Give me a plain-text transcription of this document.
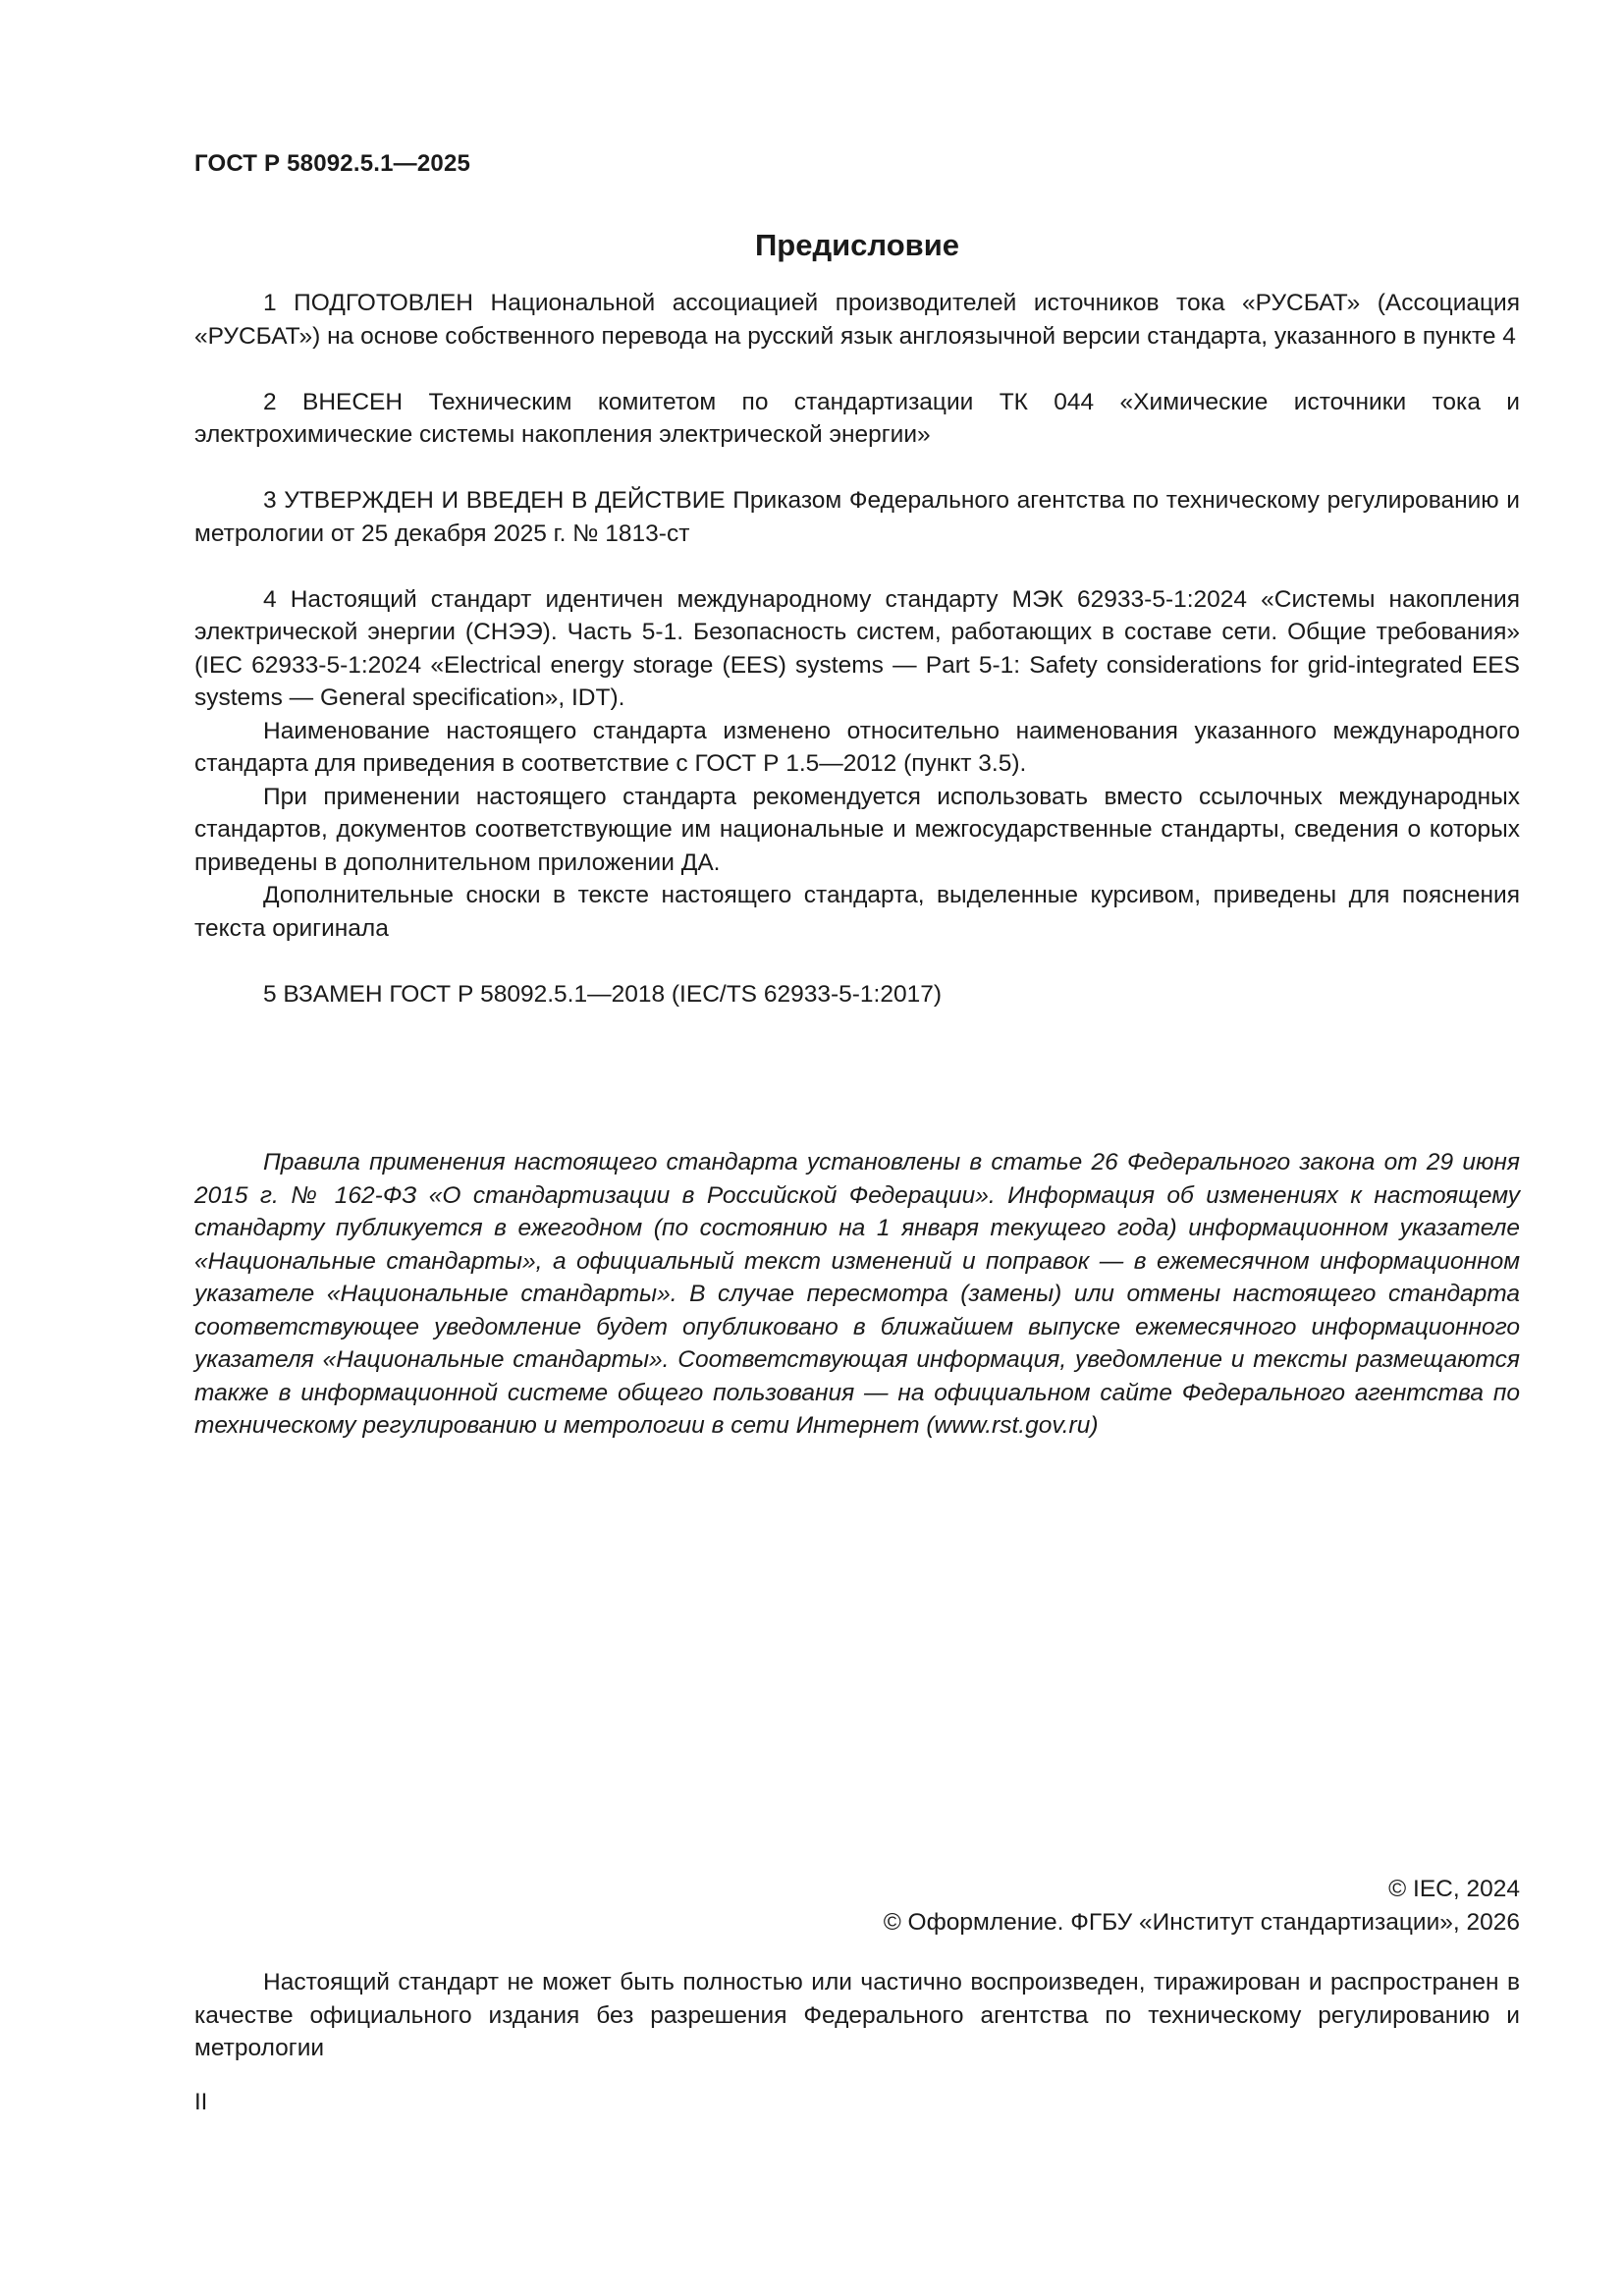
ГОСТ Р 58092.5.1—2025
Предисловие

1 ПОДГОТОВЛЕН Национальной ассоциацией производителей источников тока «РУСБАТ» (Ассоциация «РУСБАТ») на основе собственного перевода на русский язык англоязычной версии стандарта, указанного в пункте 4

2 ВНЕСЕН Техническим комитетом по стандартизации ТК 044 «Химические источники тока и электрохимические системы накопления электрической энергии»

3 УТВЕРЖДЕН И ВВЕДЕН В ДЕЙСТВИЕ Приказом Федерального агентства по техническому регулированию и метрологии от 25 декабря 2025 г. № 1813-ст

4 Настоящий стандарт идентичен международному стандарту МЭК 62933-5-1:2024 «Системы накопления электрической энергии (СНЭЭ). Часть 5-1. Безопасность систем, работающих в составе сети. Общие требования» (IEC 62933-5-1:2024 «Electrical energy storage (EES) systems — Part 5-1: Safety considerations for grid-integrated EES systems — General specification», IDT).

Наименование настоящего стандарта изменено относительно наименования указанного международного стандарта для приведения в соответствие с ГОСТ Р 1.5—2012 (пункт 3.5).

При применении настоящего стандарта рекомендуется использовать вместо ссылочных международных стандартов, документов соответствующие им национальные и межгосударственные стандарты, сведения о которых приведены в дополнительном приложении ДА.

Дополнительные сноски в тексте настоящего стандарта, выделенные курсивом, приведены для пояснения текста оригинала

5 ВЗАМЕН ГОСТ Р 58092.5.1—2018 (IEC/TS 62933-5-1:2017)

Правила применения настоящего стандарта установлены в статье 26 Федерального закона от 29 июня 2015 г. № 162-ФЗ «О стандартизации в Российской Федерации». Информация об изменениях к настоящему стандарту публикуется в ежегодном (по состоянию на 1 января текущего года) информационном указателе «Национальные стандарты», а официальный текст изменений и поправок — в ежемесячном информационном указателе «Национальные стандарты». В случае пересмотра (замены) или отмены настоящего стандарта соответствующее уведомление будет опубликовано в ближайшем выпуске ежемесячного информационного указателя «Национальные стандарты». Соответствующая информация, уведомление и тексты размещаются также в информационной системе общего пользования — на официальном сайте Федерального агентства по техническому регулированию и метрологии в сети Интернет (www.rst.gov.ru)

© IEC, 2024
© Оформление. ФГБУ «Институт стандартизации», 2026

Настоящий стандарт не может быть полностью или частично воспроизведен, тиражирован и распространен в качестве официального издания без разрешения Федерального агентства по техническому регулированию и метрологии

II
